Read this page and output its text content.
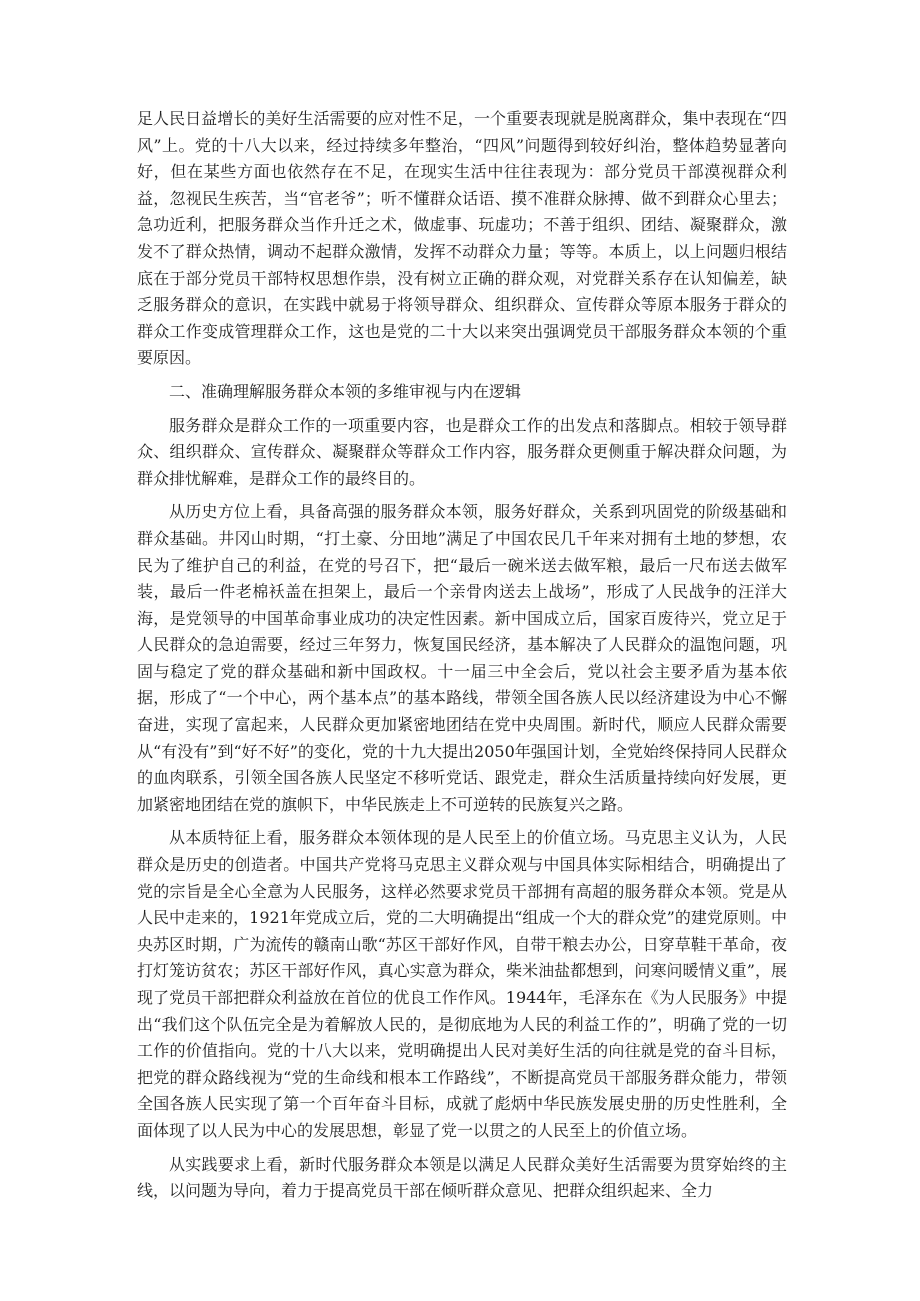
足人民日益增长的美好生活需要的应对性不足，一个重要表现就是脱离群众，集中表现在“四风”上。党的十八大以来，经过持续多年整治，“四风”问题得到较好纠治，整体趋势显著向好，但在某些方面也依然存在不足，在现实生活中往往表现为：部分党员干部漠视群众利益，忽视民生疾苦，当“官老爷”；听不懂群众话语、摸不准群众脉搏、做不到群众心里去；急功近利，把服务群众当作升迁之术，做虚事、玩虚功；不善于组织、团结、凝聚群众，激发不了群众热情，调动不起群众激情，发挥不动群众力量；等等。本质上，以上问题归根结底在于部分党员干部特权思想作祟，没有树立正确的群众观，对党群关系存在认知偏差，缺乏服务群众的意识，在实践中就易于将领导群众、组织群众、宣传群众等原本服务于群众的群众工作变成管理群众工作，这也是党的二十大以来突出强调党员干部服务群众本领的个重要原因。

二、准确理解服务群众本领的多维审视与内在逻辑

服务群众是群众工作的一项重要内容，也是群众工作的出发点和落脚点。相较于领导群众、组织群众、宣传群众、凝聚群众等群众工作内容，服务群众更侧重于解决群众问题，为群众排忧解难，是群众工作的最终目的。

从历史方位上看，具备高强的服务群众本领，服务好群众，关系到巩固党的阶级基础和群众基础。井冈山时期，“打土豪、分田地”满足了中国农民几千年来对拥有土地的梦想，农民为了维护自己的利益，在党的号召下，把“最后一碗米送去做军粮，最后一尺布送去做军装，最后一件老棉袄盖在担架上，最后一个亲骨肉送去上战场”，形成了人民战争的汪洋大海，是党领导的中国革命事业成功的决定性因素。新中国成立后，国家百废待兴，党立足于人民群众的急迫需要，经过三年努力，恢复国民经济，基本解决了人民群众的温饱问题，巩固与稳定了党的群众基础和新中国政权。十一届三中全会后，党以社会主要矛盾为基本依据，形成了“一个中心，两个基本点”的基本路线，带领全国各族人民以经济建设为中心不懈奋进，实现了富起来，人民群众更加紧密地团结在党中央周围。新时代，顺应人民群众需要从“有没有”到“好不好”的变化，党的十九大提出2050年强国计划，全党始终保持同人民群众的血肉联系，引领全国各族人民坚定不移听党话、跟党走，群众生活质量持续向好发展，更加紧密地团结在党的旗帜下，中华民族走上不可逆转的民族复兴之路。

从本质特征上看，服务群众本领体现的是人民至上的价值立场。马克思主义认为，人民群众是历史的创造者。中国共产党将马克思主义群众观与中国具体实际相结合，明确提出了党的宗旨是全心全意为人民服务，这样必然要求党员干部拥有高超的服务群众本领。党是从人民中走来的，1921年党成立后，党的二大明确提出“组成一个大的群众党”的建党原则。中央苏区时期，广为流传的赣南山歌“苏区干部好作风，自带干粮去办公，日穿草鞋干革命，夜打灯笼访贫农；苏区干部好作风，真心实意为群众，柴米油盐都想到，问寒问暖情义重”，展现了党员干部把群众利益放在首位的优良工作作风。1944年，毛泽东在《为人民服务》中提出“我们这个队伍完全是为着解放人民的，是彻底地为人民的利益工作的”，明确了党的一切工作的价值指向。党的十八大以来，党明确提出人民对美好生活的向往就是党的奋斗目标，把党的群众路线视为“党的生命线和根本工作路线”，不断提高党员干部服务群众能力，带领全国各族人民实现了第一个百年奋斗目标，成就了彪炳中华民族发展史册的历史性胜利，全面体现了以人民为中心的发展思想，彰显了党一以贯之的人民至上的价值立场。

从实践要求上看，新时代服务群众本领是以满足人民群众美好生活需要为贯穿始终的主线，以问题为导向，着力于提高党员干部在倾听群众意见、把群众组织起来、全力
